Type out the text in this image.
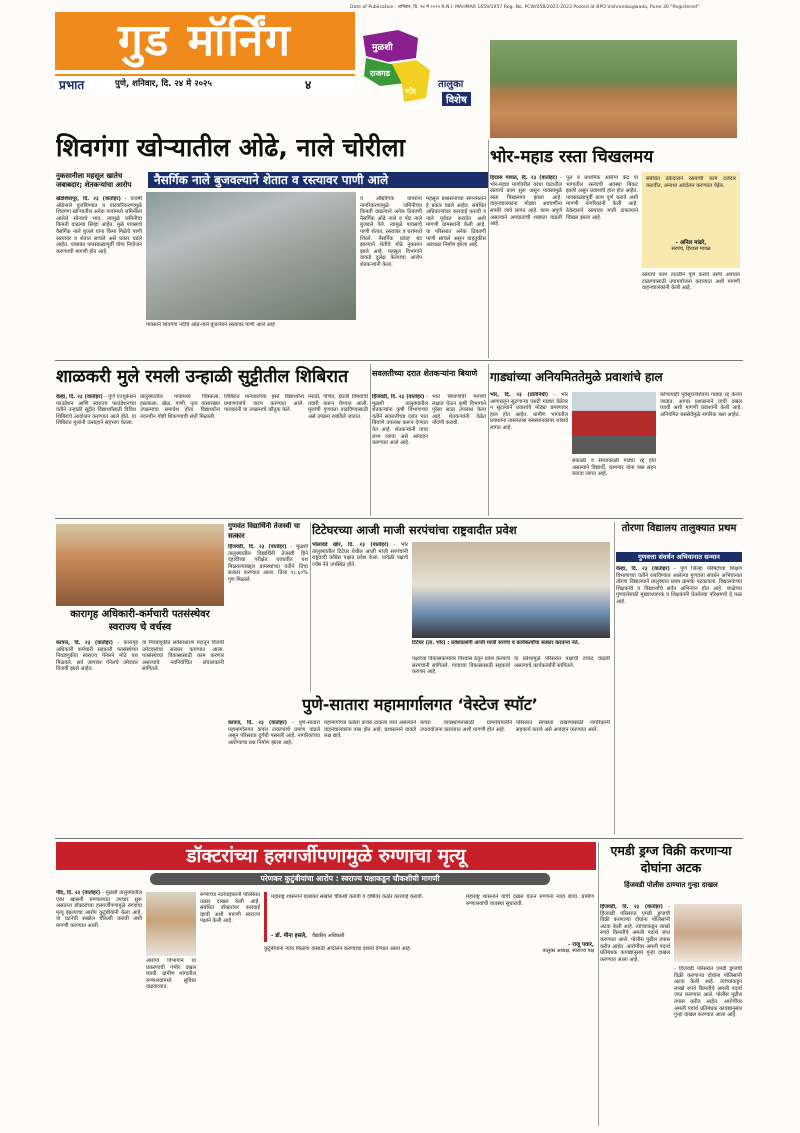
Date of Publication : शनिवार, दि. २४ मे २०२५ R.N.I. MAHMAR 1659/1957 Reg. No. PCW/058/2021-2023 Posted at BPO Vishrambagwada, Pune-30 "Registered"
गुड मॉर्निंग
प्रभात	पुणे, शनिवार, दि. २४ मे २०२५	४
मुळशी
राजगड
भोर
तालुका
विशेष
नुकसानीला महसूल खातेच जबाबदार; शेतकऱ्यांचा आरोप
शिवगंगा खोऱ्यातील ओढे, नाले चोरीला
नैसर्गिक नाले बुजवल्याने शेतात व रस्त्यावर पाणी आले
खेडशिवापूर, दि. २३ (वार्ताहर) - यावर्षी ओढेनाले बुजविण्यात व वारंवारिकरणामुळे शिवगंगा खोऱ्यातील अनेक गावांमध्ये जमिनीला आलेले सोन्याचे भाव, त्यामुळे जमिनीचा किमती वाढल्या सिव्हा आहेत. मुळे पावसाचे वैसर्गिक नाले बुजले यांना किमा मिळेचे पाणी रस्त्यावर व शेतात साचले असे प्रकार घडले आहेत. याबाबत पावसाळ्यापूर्वी योग्य नियोजन करण्याची मागणी होत आहे.
पावसाने शिवगंगा नदीचे ओढे-नाले बुजल्याने रस्त्यावर पाणी आले आहे
व औद्योगिक वापरांना नागरिकरणामुळे जमिनीच्या किमती वाढल्याने अनेक ठिकाणी नैसर्गिक ओढे नाले व पोट नाले बुजवले गेले. त्यामुळे पावसाचे पाणी शेतात, रस्त्यावर व घरांमध्ये शिरले. नैसर्गिक प्रवाह बंद झाल्याने शेतीचे मोठे नुकसान झाले आहे. महसूल विभागाने याकडे दुर्लक्ष केल्याचा आरोप शेतकऱ्यांनी केला.
महसूल प्रशासनाच्या संगनमताने हे प्रकार घडले आहेत. संबंधित अधिकाऱ्यांवर कारवाई करावी व नाले पूर्ववत करावेत अशी मागणी ग्रामस्थांनी केली आहे. या परिसरात अनेक ठिकाणी पाणी साचले असून वाहतुकीस अडथळा निर्माण झाला आहे.
भोर-महाड रस्ता चिखलमय
हिरडस मावळ, दि. २३ (वार्ताहर) - भोर-महाड मार्गावरील वरंधा घाटातील रस्त्याचे काम सुरू असून पावसामुळे रस्ता चिखलमय झाला आहे. वाहनचालकांना मोठ्या अडचणींना सामोरे जावे लागत आहे. काम अपूर्ण असल्याने अपघातांची शक्यता वाढली आहे.
पूल व प्राथमिक आरोग्य केंद्र या भागातील रस्त्याची अवस्था बिकट झाली असून प्रवाशांचे हाल होत आहेत. पावसाळ्यापूर्वी काम पूर्ण करावे अशी मागणी नागरिकांनी केली आहे. ठेकेदाराने रस्त्यावर माती टाकल्याने चिखल झाला आहे.
संबंधित ठेकेदाराने रस्त्याची कामे दर्जेदार करावीत, अन्यथा आंदोलन करण्यात येईल.
- अनिल मांढरे,
सरपंच, हिरडस मावळ
रस्त्याचे काम तातडीने पूर्ण करावे तसेच अपघात टाळण्यासाठी उपाययोजना कराव्यात अशी मागणी वाहनचालकांनी केली आहे.
शाळकरी मुले रमली उन्हाळी सुट्टीतील शिबिरात
वेल्हा, दि. २३ (वार्ताहर) - पुणे एज्युकेशन फाउंडेशन आणि स्वराज्य फाउंडेशनच्या वतीने उन्हाळी सुट्टीत विद्यार्थ्यांसाठी विविध शिबिरांचे आयोजन करण्यात आले होते. या शिबिरात मुलांनी उत्साहाने सहभाग घेतला.
तालुक्यातील गावांमध्ये चित्रकला, हस्तकला, खेळ, गाणी, नृत्य यांसारख्या उपक्रमांचा समावेश होता. विद्यार्थ्यांना नवनवीन गोष्टी शिकण्याची संधी मिळाली.
शिबिरात मान्यवरांच्या हस्ते विद्यार्थ्यांना प्रमाणपत्रांचे वाटप करण्यात आले. पालकांनी या उपक्रमाचे कौतुक केले.
मराठी, गणित, इंग्रजी विषयांची तयारी करून घेण्यात आली. मुलांची गुणवत्ता वाढविण्यासाठी असे उपक्रम राबविले जातात.
सवलतीच्या दरात शेतकऱ्यांना बियाणे
हिंजवडी, दि. २३ (वार्ताहर) - मुळशी तालुक्यातील शेतकऱ्यांना कृषी विभागाच्या वतीने सवलतीच्या दरात भात बियाणे उपलब्ध करून देण्यात येत आहे. शेतकऱ्यांनी याचा लाभ घ्यावा असे आवाहन करण्यात आले आहे.
भात बियाणांची मागणी लक्षात घेऊन कृषी विभागाने पुरेसा साठा उपलब्ध केला आहे. शेतकऱ्यांनी वेळेत नोंदणी करावी.
गाड्यांच्या अनियमिततेमुळे प्रवाशांचे हाल
भोर, दि. २३ (प्रतिनिधी) - भोर आगारातून सुटणाऱ्या एसटी गाड्या वेळेवर न सुटल्याने प्रवाशांचे मोठ्या प्रमाणावर हाल होत आहेत. ग्रामीण भागातील प्रवाशांना तासनतास बसस्थानकावर थांबावे लागत आहे.
सकाळी व संध्याकाळी गाड्या रद्द होत असल्याने विद्यार्थी, कामगार यांना त्रास सहन करावा लागत आहे.
कोणत्याही पूर्वसूचनेशिवाय गाड्या रद्द केल्या जातात. आगार प्रशासनाने याची दखल घ्यावी अशी मागणी प्रवाशांनी केली आहे. अनियमित बससेवेमुळे नागरिक त्रस्त आहेत.
गुणवंत विद्यार्थिनी तेजस्वी चा सत्कार
हिंजवडी, दि. २३ (वार्ताहर) - मुळशी तालुक्यातील विद्यार्थिनी तेजस्वी हिने दहावीच्या परीक्षेत घवघवीत यश मिळवल्याबद्दल ग्रामस्थांच्या वतीने तिचा सत्कार करण्यात आला. तिला ९८.६०% गुण मिळाले.
कारागृह अधिकारी-कर्मचारी पतसंस्थेवर स्वराज्य चे वर्चस्व
कात्रज, दि. २३ (वार्ताहर) - कारागृह अधिकारी कर्मचारी सहकारी पतसंस्थेच्या निवडणुकीत स्वराज्य पॅनेलने मोठे यश मिळवले. सर्व जागांवर पॅनेलचे उमेदवार विजयी झाले आहेत.
या निवडणुकीत सर्वसाधारण गटातून विजयी उमेदवारांचा सत्कार करण्यात आला. पतसंस्थेच्या विकासासाठी काम करणार असल्याचे नवनिर्वाचित संचालकांनी सांगितले.
टिटेघरच्या आजी माजी सरपंचांचा राष्ट्रवादीत प्रवेश
भोलावडे खोर, दि. २३ (वार्ताहर) - भोर तालुक्यातील टिटेघर येथील आजी माजी सरपंचांनी राष्ट्रवादी काँग्रेस पक्षात प्रवेश केला. यावेळी पक्षाचे ज्येष्ठ नेते उपस्थित होते.
टिटेघर (ता. भोर) : प्रवेशाप्रसंगी आजी माजी सरपंच व कार्यकर्त्यांचा सत्कार करताना नेते.
पक्षाच्या विकासकामांवर विश्वास ठेवून प्रवेश केल्याचे सरपंचांनी सांगितले. गावाच्या विकासासाठी सहकार्य करणार आहे.
या प्रवेशामुळे परिसरात पक्षाची ताकद वाढली असल्याचे कार्यकर्त्यांनी सांगितले.
तोरणा विद्यालय तालुक्यात प्रथम
गुणवत्ता संवर्धन अभियानात सन्मान
वेल्हा, दि. २३ (वार्ताहर) - पुणे जिल्हा परिषदेच्या शिक्षण विभागाच्या वतीने राबविण्यात आलेल्या गुणवत्ता संवर्धन अभियानात तोरणा विद्यालयाने तालुक्यात प्रथम क्रमांक पटकावला. विद्यालयाच्या शिक्षकांचे व विद्यार्थ्यांचे सर्वत्र अभिनंदन होत आहे. शाळेच्या गुणवत्तेसाठी मुख्याध्यापक व शिक्षकांनी घेतलेल्या परिश्रमाचे हे फळ आहे.
पुणे-सातारा महामार्गालगत ‘वेस्टेज स्पॉट’
कात्रज, दि. २३ (वार्ताहर) - पुणे-सातारा महामार्गालगत कचरा टाकण्याचे प्रमाण वाढले असून परिसरात दुर्गंधी पसरली आहे. नागरिकांच्या आरोग्याचा प्रश्न निर्माण झाला आहे.
महामार्गाच्या कडेला कचरा टाकला जात असल्याने वाहनचालकांना त्रास होत आहे. प्रशासनाने याकडे लक्ष द्यावे.
कचरा व्यवस्थापनासाठी ग्रामपंचायतीने उपाययोजना कराव्यात अशी मागणी होत आहे.
परिसरात स्वच्छता राखण्यासाठी नागरिकांनी सहकार्य करावे असे आवाहन करण्यात आले.
डॉक्टरांच्या हलगर्जीपणामुळे रुग्णाचा मृत्यू
परेणकर कुटुंबीयांचा आरोप : स्वराज्य पक्षाकडून चौकशीची मागणी
पौड, दि. २३ (वार्ताहर) - मुळशी तालुक्यातील एका खासगी रुग्णालयात उपचार सुरू असताना डॉक्टरांच्या हलगर्जीपणामुळे रुग्णाचा मृत्यू झाल्याचा आरोप कुटुंबीयांनी केला आहे. या घटनेची सखोल चौकशी करावी अशी मागणी करण्यात आली.
रुग्णाच्या नातेवाईकांनी पोलिसात तक्रार दाखल केली आहे. संबंधित डॉक्टरांवर कारवाई व्हावी अशी मागणी स्वराज्य पक्षाने केली आहे.
आरोग्य विभागाने या प्रकरणाची गंभीर दखल घ्यावी. ग्रामीण भागातील रुग्णालयांमध्ये सुविधा वाढवाव्यात.
महाराष्ट्र शासनाने याबाबत सखोल चौकशी करावी व दोषींवर कठोर कारवाई करावी.
- डॉ. मीना हसले, वैद्यकीय अधिकारी
कुटुंबीयांना न्याय मिळावा यासाठी आंदोलन करण्याचा इशारा देण्यात आला आहे.
महाराष्ट्र शासनाने याची दखल घेऊन रुग्णांना न्याय द्यावा. ग्रामीण रुग्णालयांची व्यवस्था सुधारावी.
- राजू पवार,
तालुका अध्यक्ष, स्वराज्य पक्ष
एमडी ड्रग्ज विक्री करणाऱ्या दोघांना अटक
हिंजवडी पोलीस ठाण्यात गुन्हा दाखल
हिंजवडी, दि. २३ (वार्ताहर) - हिंजवडी परिसरात एमडी ड्रग्जची विक्री करणाऱ्या दोघांना पोलिसांनी अटक केली आहे. त्यांच्याकडून लाखो रुपये किमतीचे अमली पदार्थ जप्त करण्यात आले. पोलीस पुढील तपास करीत आहेत. आरोपींवर अमली पदार्थ प्रतिबंधक कायद्यानुसार गुन्हा दाखल करण्यात आला आहे.
- हिंजवडी परिसरात एमडी ड्रग्जची विक्री करणाऱ्या दोघांना पोलिसांनी अटक केली आहे. त्यांच्याकडून लाखो रुपये किमतीचे अमली पदार्थ जप्त करण्यात आले. पोलीस पुढील तपास करीत आहेत. आरोपींवर अमली पदार्थ प्रतिबंधक कायद्यानुसार गुन्हा दाखल करण्यात आला आहे.
